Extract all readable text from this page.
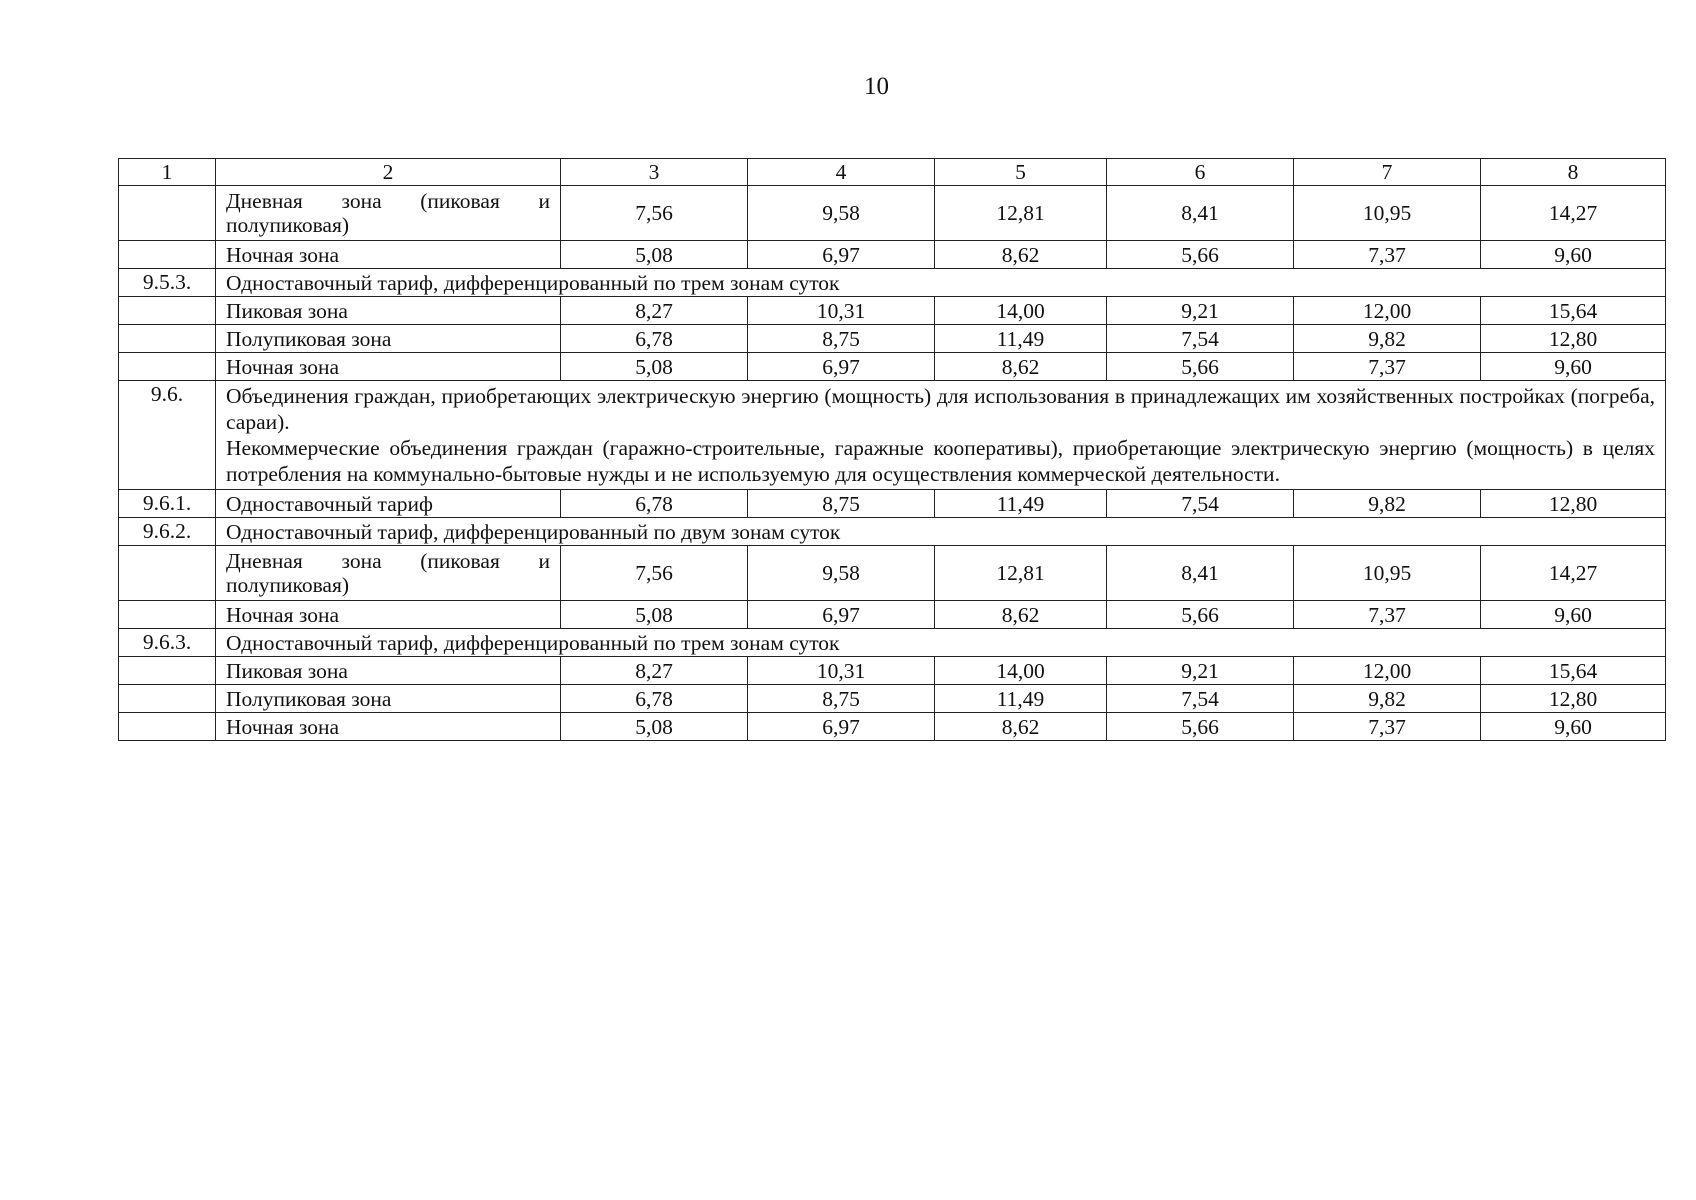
10
1	2	3	4	5	6	7	8
	Дневная зона (пиковая и полупиковая)	7,56	9,58	12,81	8,41	10,95	14,27
	Ночная зона	5,08	6,97	8,62	5,66	7,37	9,60
9.5.3.	Одноставочный тариф, дифференцированный по трем зонам суток						
	Пиковая зона	8,27	10,31	14,00	9,21	12,00	15,64
	Полупиковая зона	6,78	8,75	11,49	7,54	9,82	12,80
	Ночная зона	5,08	6,97	8,62	5,66	7,37	9,60
9.6.	Объединения граждан, приобретающих электрическую энергию (мощность) для использования в принадлежащих им хозяйственных постройках (погреба, сараи).
Некоммерческие объединения граждан (гаражно-строительные, гаражные кооперативы), приобретающие электрическую энергию (мощность) в целях потребления на коммунально-бытовые нужды и не используемую для осуществления коммерческой деятельности.						

9.6.1.	Одноставочный тариф	6,78	8,75	11,49	7,54	9,82	12,80
9.6.2.	Одноставочный тариф, дифференцированный по двум зонам суток						
	Дневная зона (пиковая и полупиковая)	7,56	9,58	12,81	8,41	10,95	14,27
	Ночная зона	5,08	6,97	8,62	5,66	7,37	9,60
9.6.3.	Одноставочный тариф, дифференцированный по трем зонам суток						
	Пиковая зона	8,27	10,31	14,00	9,21	12,00	15,64
	Полупиковая зона	6,78	8,75	11,49	7,54	9,82	12,80
	Ночная зона	5,08	6,97	8,62	5,66	7,37	9,60
